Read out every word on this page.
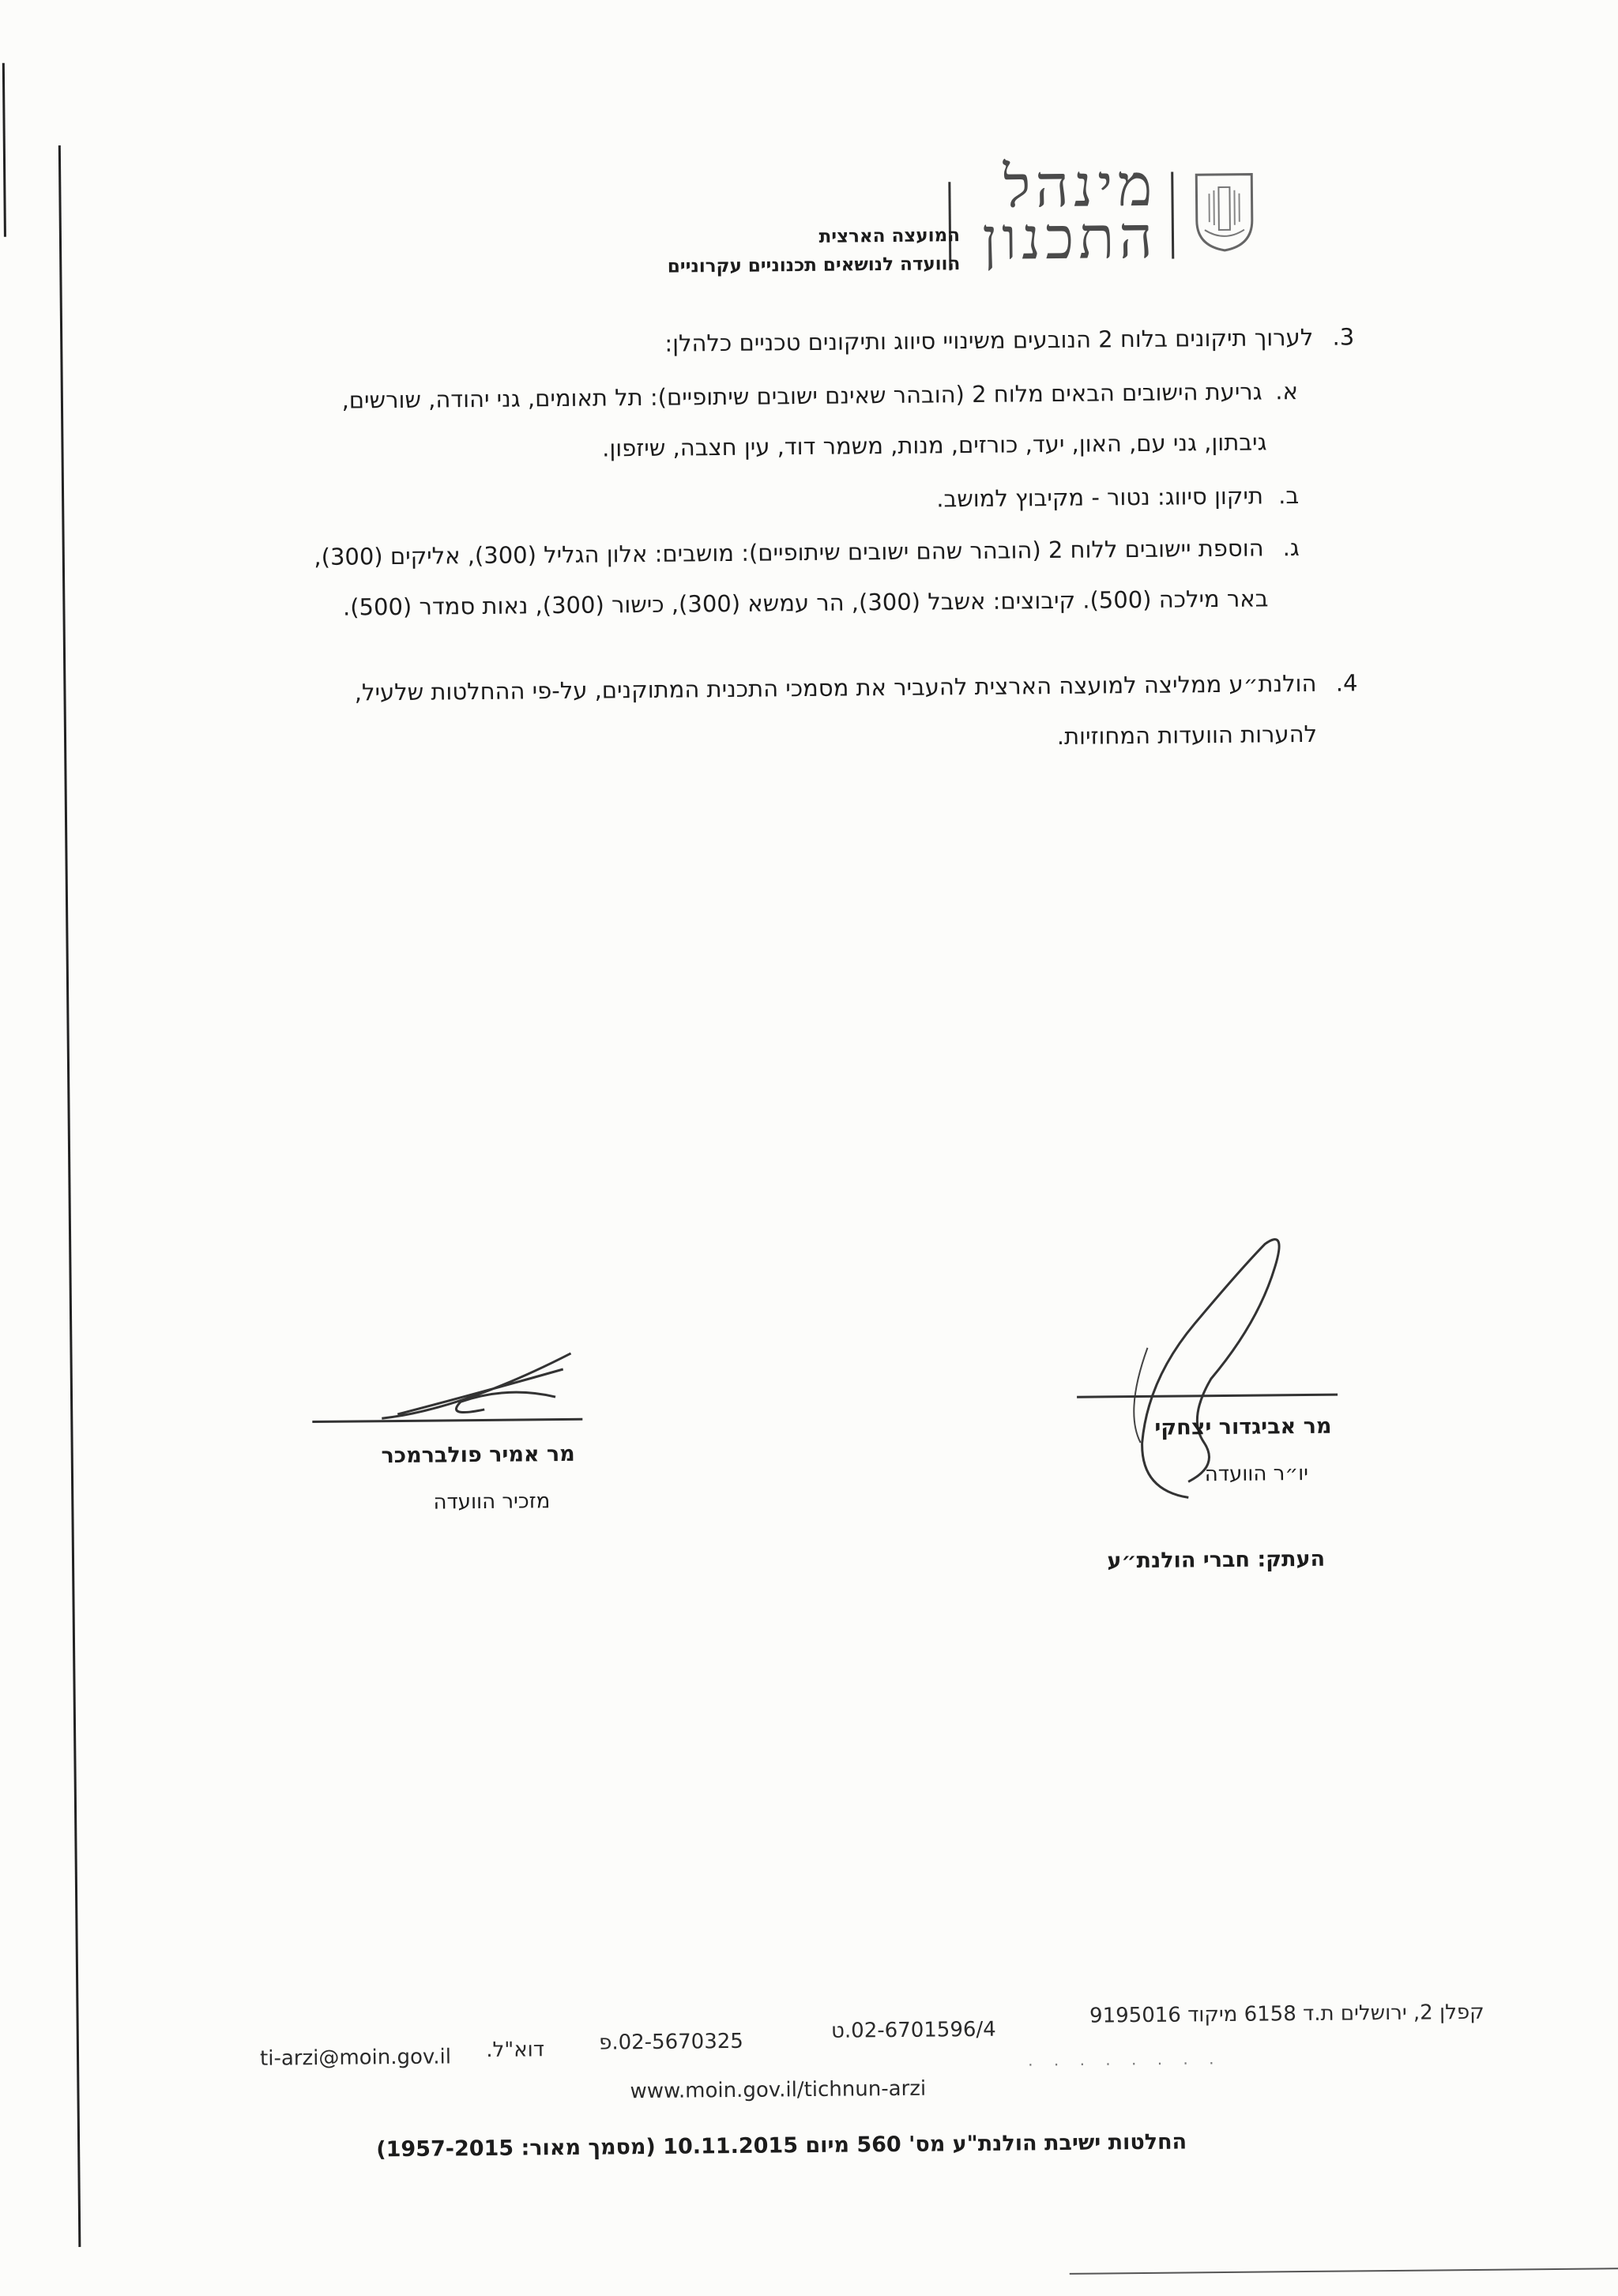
מינהל
התכנון
המועצה הארצית
הוועדה לנושאים תכנוניים עקרוניים
3.
לערוך תיקונים בלוח 2 הנובעים משינויי סיווג ותיקונים טכניים כלהלן:
א. גריעת הישובים הבאים מלוח 2 (הובהר שאינם ישובים שיתופיים): תל תאומים, גני יהודה, שורשים,
גיבתון, גני עם, האון, יעד, כורזים, מנות, משמר דוד, עין חצבה, שיזפון.
ב. תיקון סיווג: נטור - מקיבוץ למושב.
ג. הוספת יישובים ללוח 2 (הובהר שהם ישובים שיתופיים): מושבים: אלון הגליל (300), אליקים (300),
באר מילכה (500). קיבוצים: אשבל (300), הר עמשא (300), כישור (300), נאות סמדר (500).
4.
הולנת״ע ממליצה למועצה הארצית להעביר את מסמכי התכנית המתוקנים, על-פי ההחלטות שלעיל,
להערות הוועדות המחוזיות.
מר אביגדור יצחקי
יו״ר הוועדה
מר אמיר פולברמכר
מזכיר הוועדה
העתק: חברי הולנת״ע
קפלן 2, ירושלים ת.ד 6158 מיקוד 9195016
02-6701596/4.ט
02-5670325.פ
דוא"ל.
ti-arzi@moin.gov.il	· · · · · · · ·
www.moin.gov.il/tichnun-arzi
החלטות ישיבת הולנת"ע מס' 560 מיום 10.11.2015 (מסמך מאור: 1957-2015)
